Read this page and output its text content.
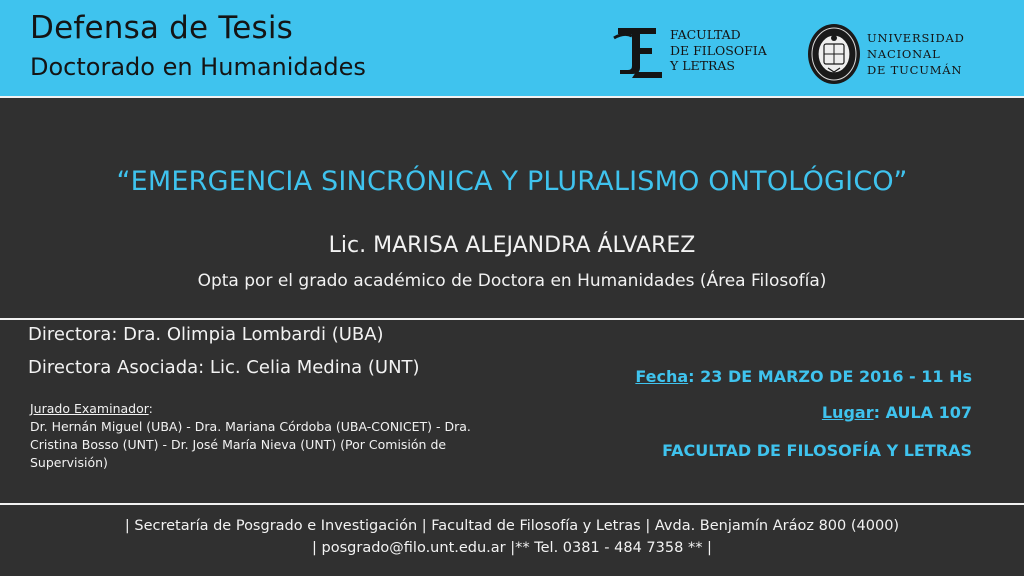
Defensa de Tesis
Doctorado en Humanidades
FACULTAD
DE FILOSOFIA
Y LETRAS
UNIVERSIDAD
NACIONAL
DE TUCUMÁN
“EMERGENCIA SINCRÓNICA Y PLURALISMO ONTOLÓGICO”
Lic. MARISA ALEJANDRA ÁLVAREZ
Opta por el grado académico de Doctora en Humanidades (Área Filosofía)
Directora: Dra. Olimpia Lombardi (UBA)
Directora Asociada: Lic. Celia Medina (UNT)
Jurado Examinador:
Dr. Hernán Miguel (UBA) - Dra. Mariana Córdoba (UBA-CONICET) - Dra. Cristina Bosso (UNT) - Dr. José María Nieva (UNT) (Por Comisión de Supervisión)
Fecha: 23 DE MARZO DE 2016 - 11 Hs
Lugar: AULA 107
FACULTAD DE FILOSOFÍA Y LETRAS
| Secretaría de Posgrado e Investigación | Facultad de Filosofía y Letras | Avda. Benjamín Aráoz 800 (4000)
| posgrado@filo.unt.edu.ar |** Tel. 0381 - 484 7358 ** |
